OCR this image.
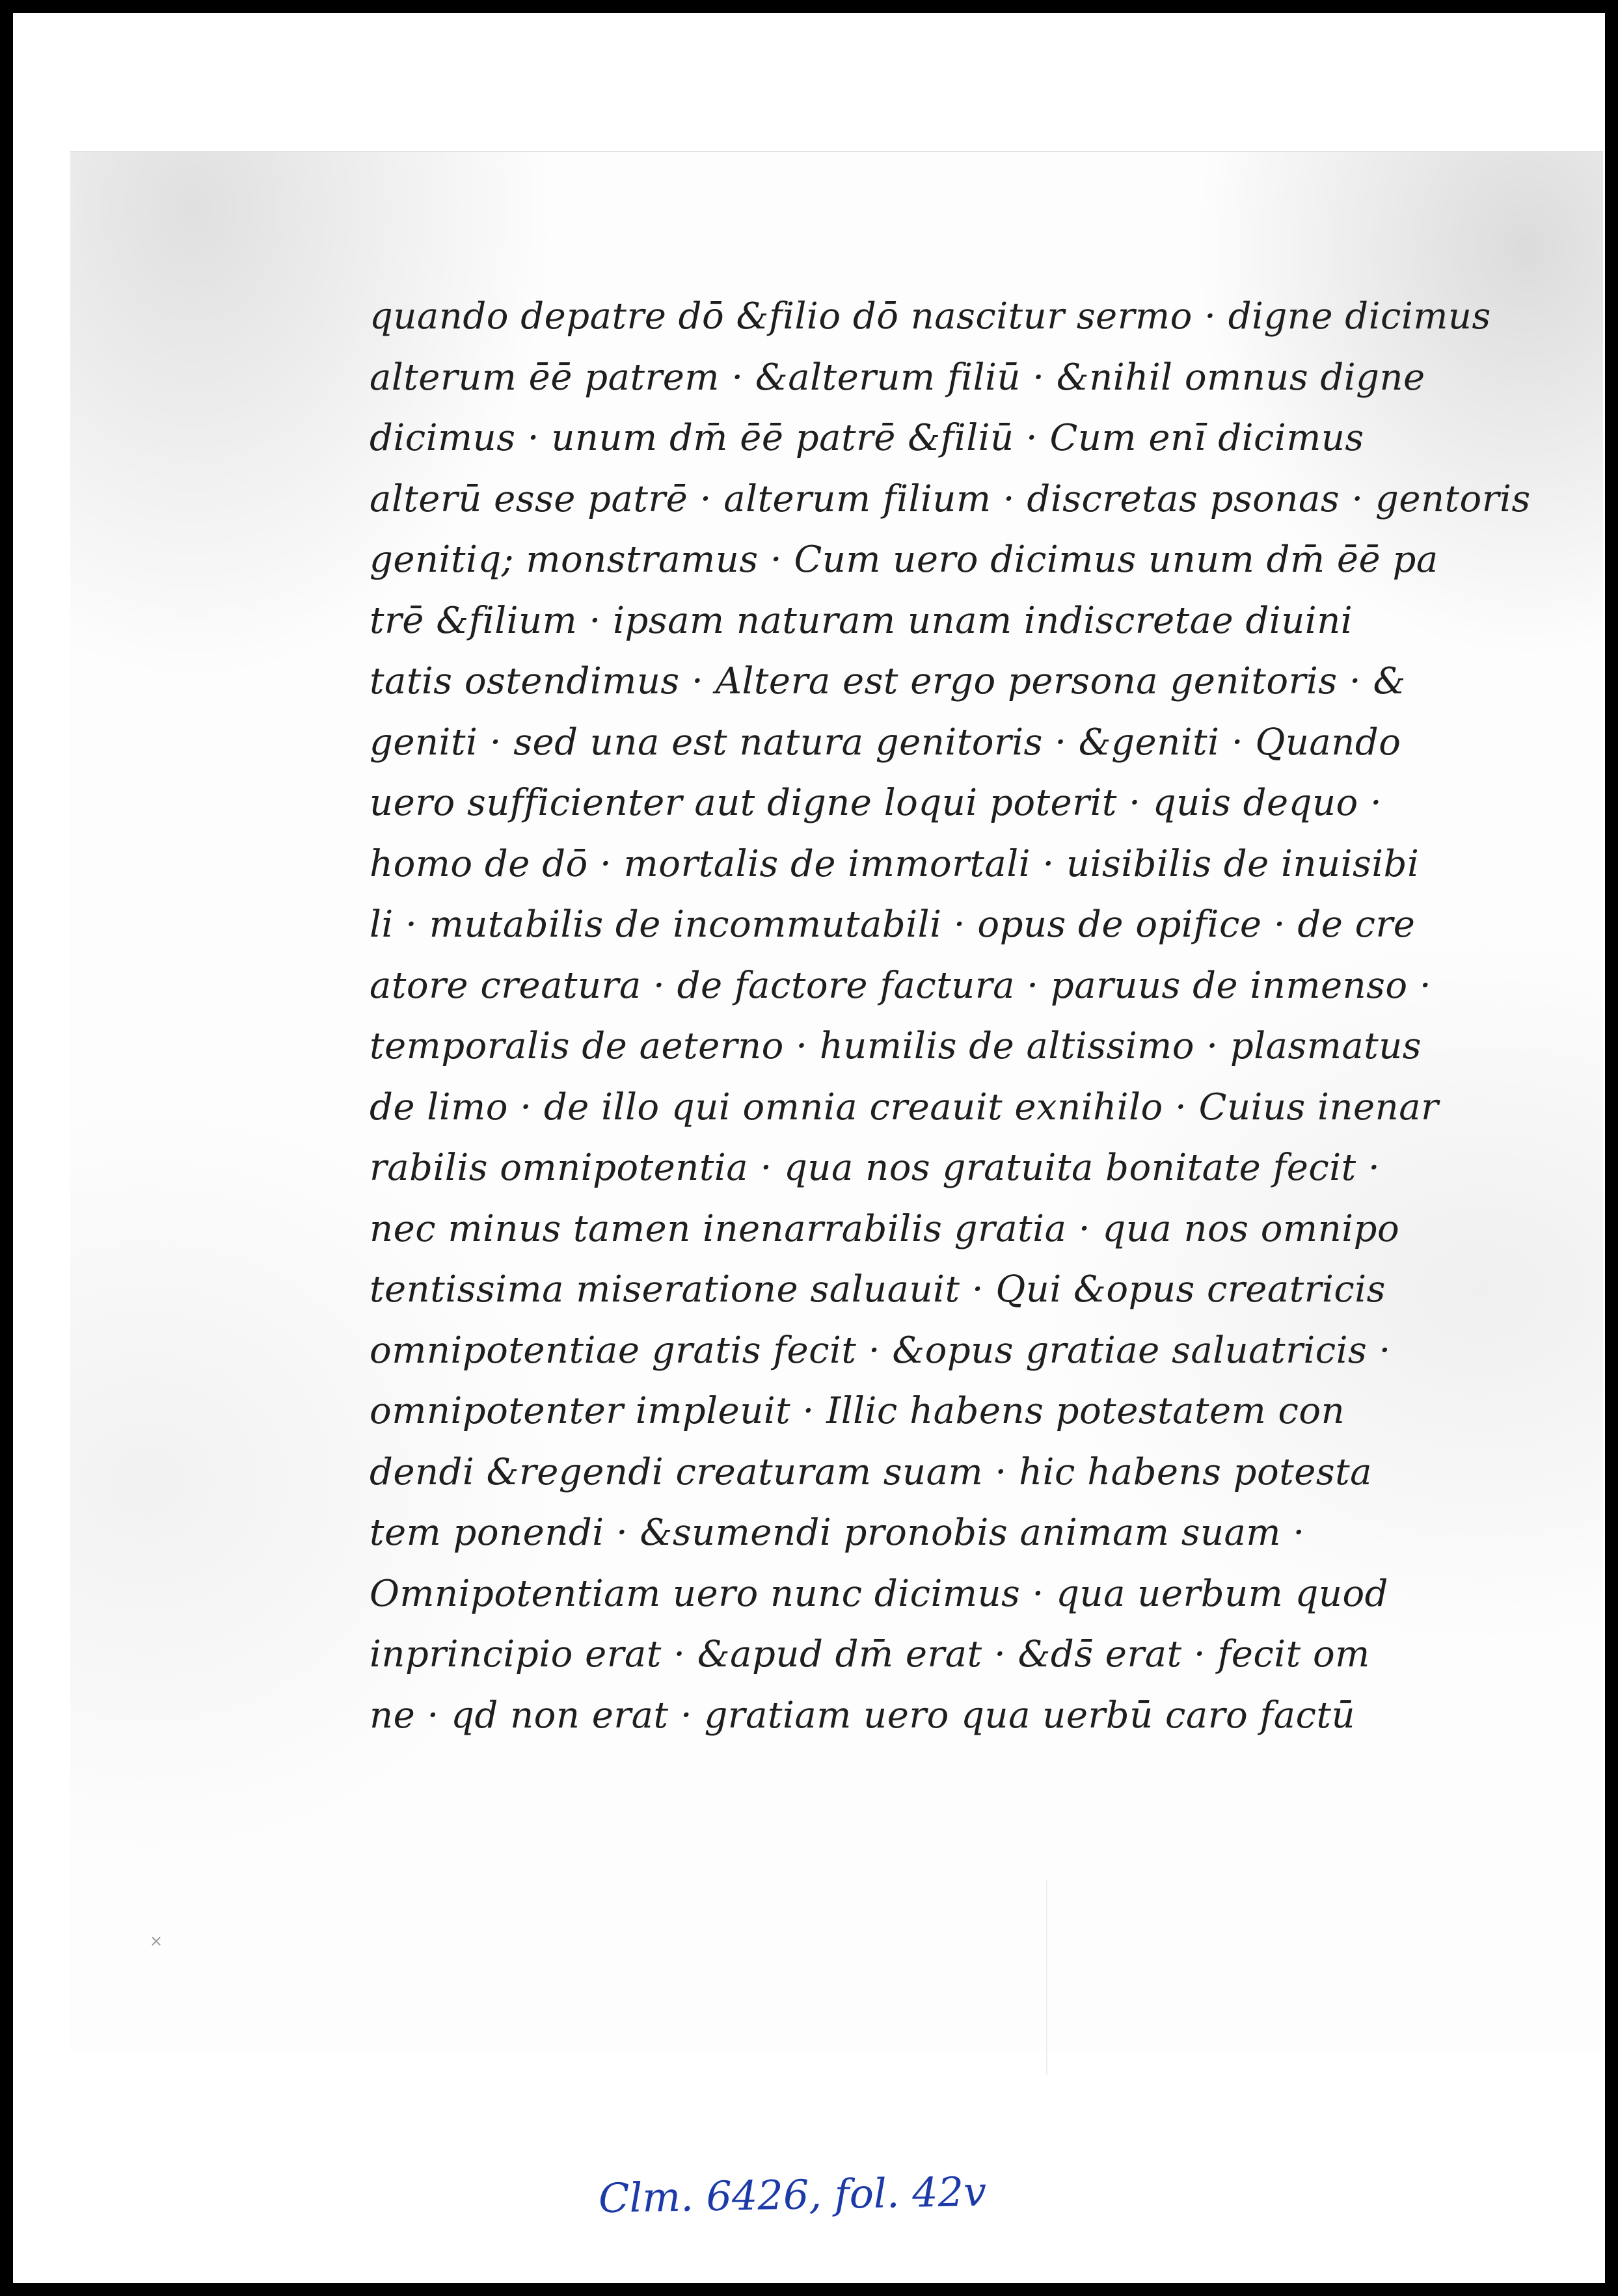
×
quando depatre dō &filio dō nascitur sermo · digne dicimus
alterum ēē patrem · &alterum filiū · &nihil omnus digne
dicimus · unum dm̄ ēē patrē &filiū · Cum enī dicimus
alterū esse patrē · alterum filium · discretas psonas · gentoris
genitiq; monstramus · Cum uero dicimus unum dm̄ ēē pa
trē &filium · ipsam naturam unam indiscretae diuini
tatis ostendimus · Altera est ergo persona genitoris · &
geniti · sed una est natura genitoris · &geniti · Quando
uero sufficienter aut digne loqui poterit · quis dequo ·
homo de dō · mortalis de immortali · uisibilis de inuisibi
li · mutabilis de incommutabili · opus de opifice · de cre
atore creatura · de factore factura · paruus de inmenso ·
temporalis de aeterno · humilis de altissimo · plasmatus
de limo · de illo qui omnia creauit exnihilo · Cuius inenar
rabilis omnipotentia · qua nos gratuita bonitate fecit ·
nec minus tamen inenarrabilis gratia · qua nos omnipo
tentissima miseratione saluauit · Qui &opus creatricis
omnipotentiae gratis fecit · &opus gratiae saluatricis ·
omnipotenter impleuit · Illic habens potestatem con
dendi &regendi creaturam suam · hic habens potesta
tem ponendi · &sumendi pronobis animam suam ·
Omnipotentiam uero nunc dicimus · qua uerbum quod
inprincipio erat · &apud dm̄ erat · &ds̄ erat · fecit om
ne · qd non erat · gratiam uero qua uerbū caro factū
Clm. 6426, fol. 42v
